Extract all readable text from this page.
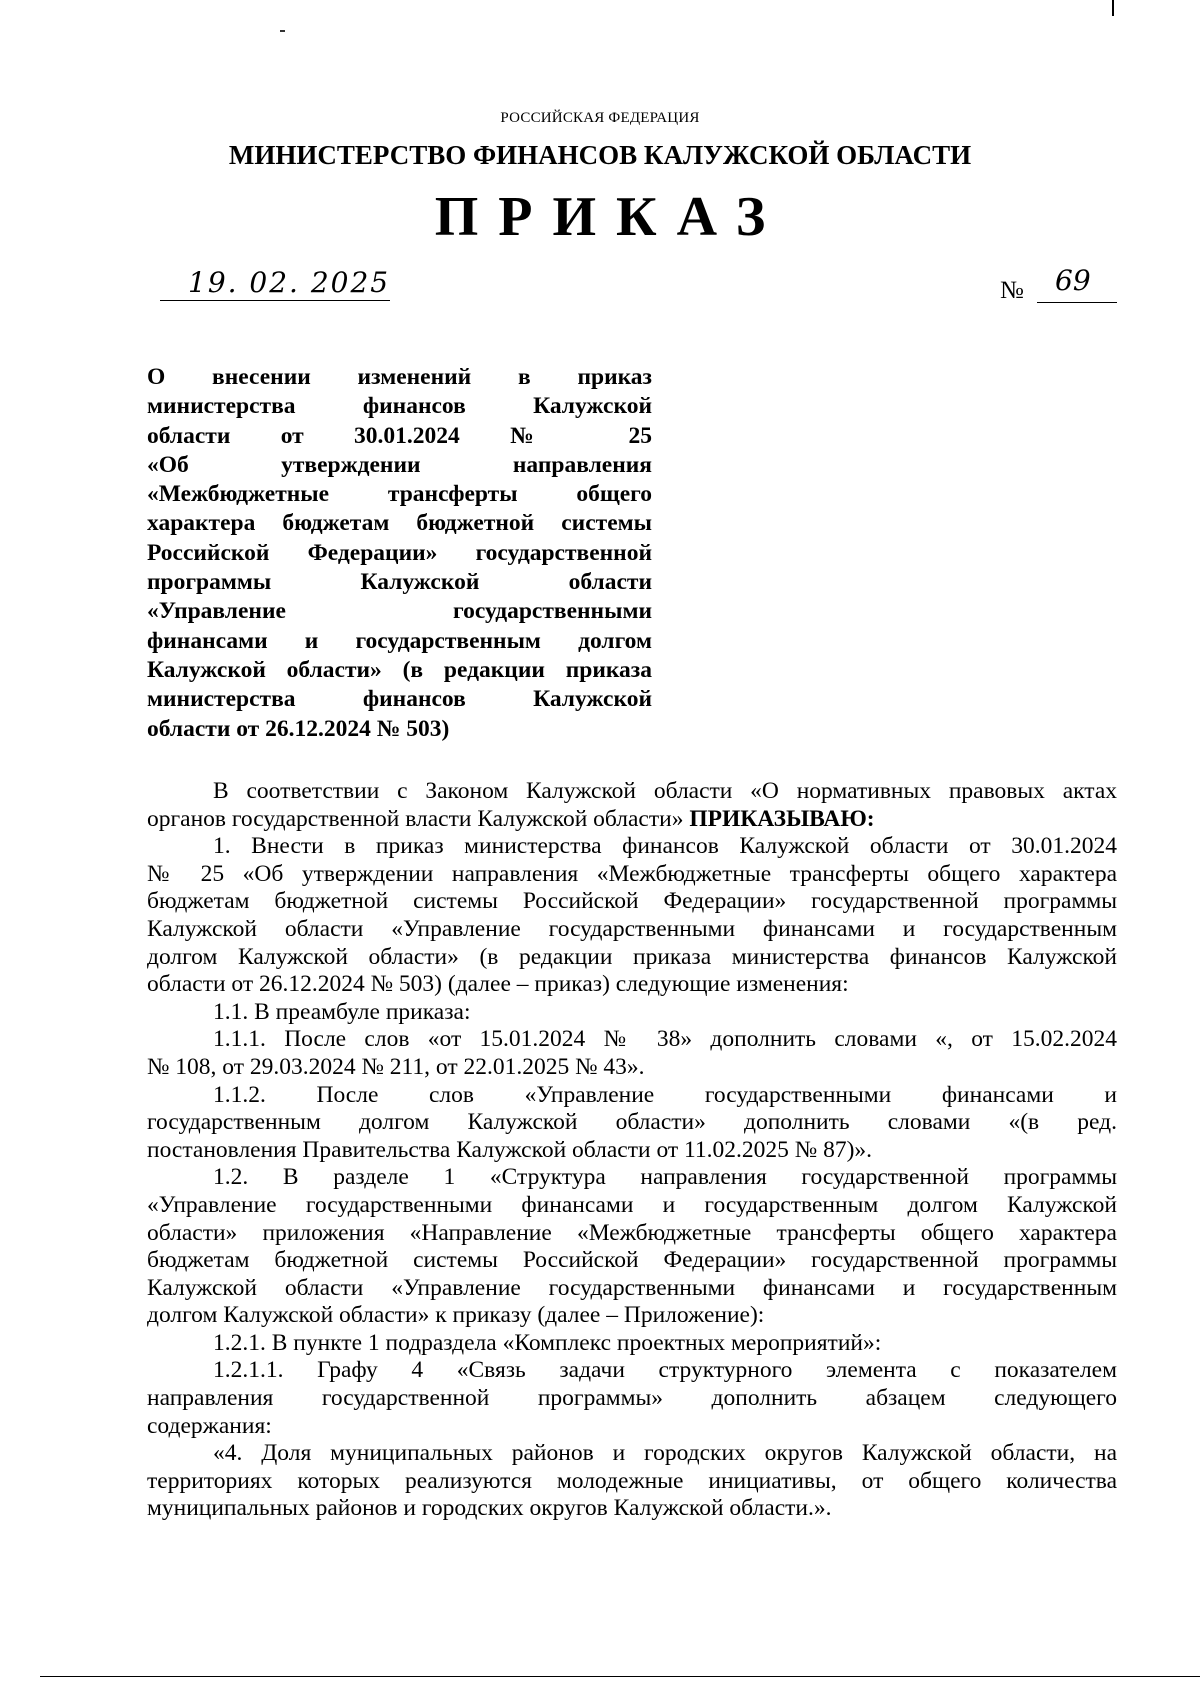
РОССИЙСКАЯ ФЕДЕРАЦИЯ
МИНИСТЕРСТВО ФИНАНСОВ КАЛУЖСКОЙ ОБЛАСТИ
ПРИКАЗ
19. 02. 2025	№ 69
О внесении изменений в приказ
министерства финансов Калужской
области от 30.01.2024 № 25
«Об утверждении направления
«Межбюджетные трансферты общего
характера бюджетам бюджетной системы
Российской Федерации» государственной
программы Калужской области
«Управление государственными
финансами и государственным долгом
Калужской области» (в редакции приказа
министерства финансов Калужской
области от 26.12.2024 № 503)
В соответствии с Законом Калужской области «О нормативных правовых актах
органов государственной власти Калужской области» ПРИКАЗЫВАЮ:
1. Внести в приказ министерства финансов Калужской области от 30.01.2024
№ 25 «Об утверждении направления «Межбюджетные трансферты общего характера
бюджетам бюджетной системы Российской Федерации» государственной программы
Калужской области «Управление государственными финансами и государственным
долгом Калужской области» (в редакции приказа министерства финансов Калужской
области от 26.12.2024 № 503) (далее – приказ) следующие изменения:
1.1. В преамбуле приказа:
1.1.1. После слов «от 15.01.2024 № 38» дополнить словами «, от 15.02.2024
№ 108, от 29.03.2024 № 211, от 22.01.2025 № 43».
1.1.2. После слов «Управление государственными финансами и
государственным долгом Калужской области» дополнить словами «(в ред.
постановления Правительства Калужской области от 11.02.2025 № 87)».
1.2. В разделе 1 «Структура направления государственной программы
«Управление государственными финансами и государственным долгом Калужской
области» приложения «Направление «Межбюджетные трансферты общего характера
бюджетам бюджетной системы Российской Федерации» государственной программы
Калужской области «Управление государственными финансами и государственным
долгом Калужской области» к приказу (далее – Приложение):
1.2.1. В пункте 1 подраздела «Комплекс проектных мероприятий»:
1.2.1.1. Графу 4 «Связь задачи структурного элемента с показателем
направления государственной программы» дополнить абзацем следующего
содержания:
«4. Доля муниципальных районов и городских округов Калужской области, на
территориях которых реализуются молодежные инициативы, от общего количества
муниципальных районов и городских округов Калужской области.».
